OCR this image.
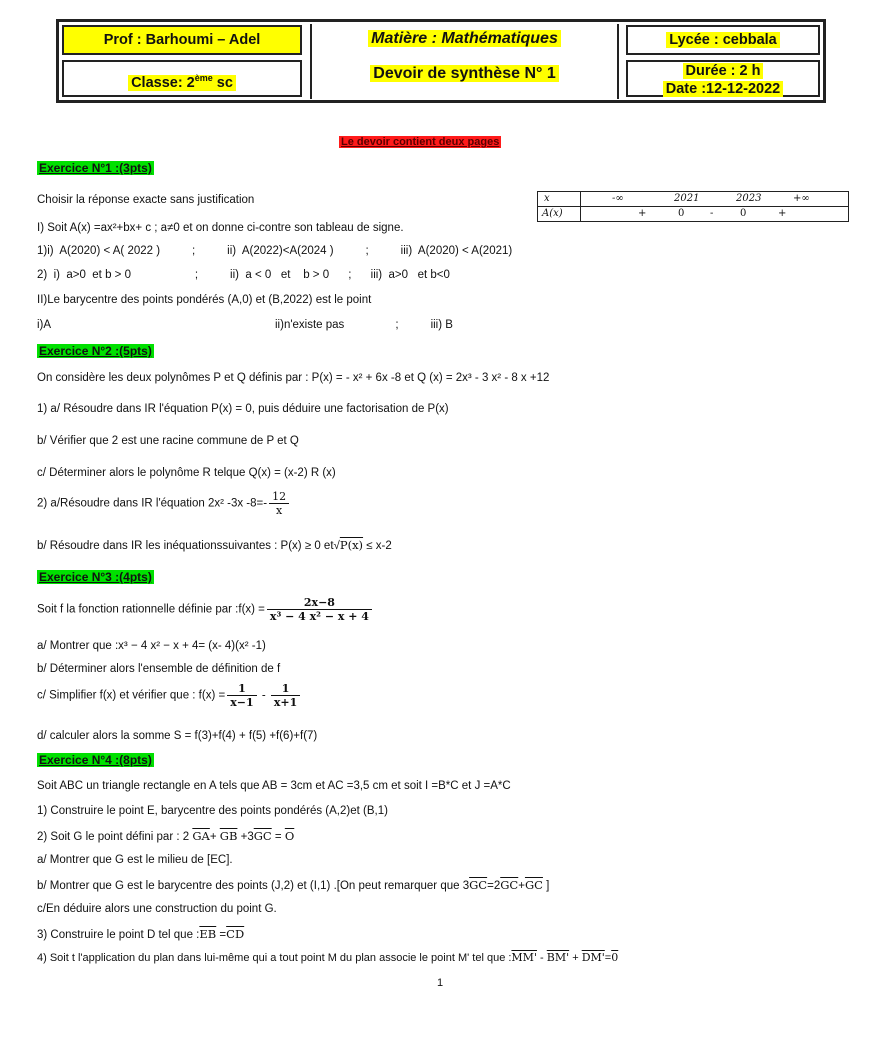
Prof : Barhoumi – Adel
Classe: 2ème sc
Matière : Mathématiques
Devoir de synthèse N° 1
Lycée : cebbala
Durée : 2 h
Date :12-12-2022
Le devoir contient deux pages
Exercice N°1 :(3pts)
Choisir la réponse exacte sans justification
I) Soit A(x) =ax²+bx+ c ; a≠0 et on donne ci-contre son tableau de signe.
1)i)  A(2020) < A( 2022 )          ;          ii)  A(2022)<A(2024 )          ;          iii)  A(2020) < A(2021)
2)  i)  a>0  et b > 0                    ;          ii)  a < 0   et    b > 0      ;      iii)  a>0   et b<0
II)Le barycentre des points pondérés (A,0) et (B,2022) est le point
i)A	ii)n'existe pas                ;          iii) B
x	-∞	2021	2023	+∞
A(x)	+	0	-	0	+
Exercice N°2 :(5pts)
On considère les deux polynômes P et Q définis par : P(x) = - x² + 6x -8 et Q (x) = 2x³ - 3 x² - 8 x +12
1) a/ Résoudre dans IR l'équation P(x) = 0, puis déduire une factorisation de P(x)
b/ Vérifier que 2 est une racine commune de P et Q
c/ Déterminer alors le polynôme R telque Q(x) = (x-2) R (x)
2) a/Résoudre dans IR l'équation 2x² -3x $-8=- \frac{12}{x}$
b/ Résoudre dans IR les inéquationssuivantes : P(x) ≥ 0 et√P(x) ≤ x-2
Exercice N°3 :(4pts)
Soit f la fonction rationnelle définie par :f(x) = $\frac{2x-8}{\text{x³ − 4 x² − x + 4}}$
a/ Montrer que :x³ − 4 x² − x + 4= (x- 4)(x² -1)
b/ Déterminer alors l'ensemble de définition de f
c/ Simplifier f(x) et vérifier que : $f(x) = \frac{1}{x-1} - \frac{1}{x+1}$
d/ calculer alors la somme S = f(3)+f(4) + f(5) +f(6)+f(7)
Exercice N°4 :(8pts)
Soit ABC un triangle rectangle en A tels que AB = 3cm et AC =3,5 cm et soit I =B*C et J =A*C
1) Construire le point E, barycentre des points pondérés (A,2)et (B,1)
2) Soit G le point défini par : 2 $\overline{GA}+ \overline{GB} +3\overline{GC} = \overline{O}$
a/ Montrer que G est le milieu de [EC].
b/ Montrer que G est le barycentre des points (J,2) et (I,1) .[On peut remarquer que $3\overline{GC}=2\overline{GC}+\overline{GC}$ ]
c/En déduire alors une construction du point G.
3) Construire le point D tel que $:\overline{EB} =\overline{CD}$
4) Soit t l'application du plan dans lui-même qui a tout point M du plan associe le point M' tel que :MM' - BM' + DM'=0
1
